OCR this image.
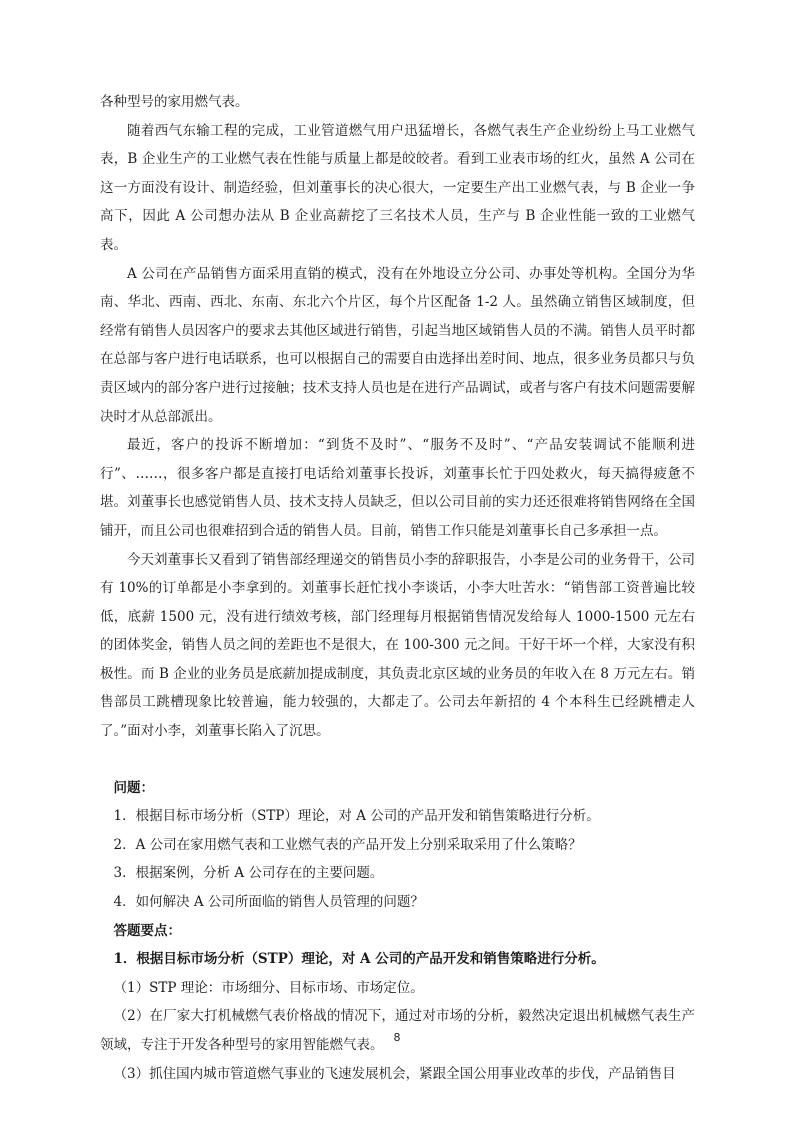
各种型号的家用燃气表。

随着西气东输工程的完成，工业管道燃气用户迅猛增长，各燃气表生产企业纷纷上马工业燃气表，B 企业生产的工业燃气表在性能与质量上都是皎皎者。看到工业表市场的红火，虽然 A 公司在这一方面没有设计、制造经验，但刘董事长的决心很大，一定要生产出工业燃气表，与 B 企业一争高下，因此 A 公司想办法从 B 企业高薪挖了三名技术人员，生产与 B 企业性能一致的工业燃气表。

A 公司在产品销售方面采用直销的模式，没有在外地设立分公司、办事处等机构。全国分为华南、华北、西南、西北、东南、东北六个片区，每个片区配备 1-2 人。虽然确立销售区域制度，但经常有销售人员因客户的要求去其他区域进行销售，引起当地区域销售人员的不满。销售人员平时都在总部与客户进行电话联系，也可以根据自己的需要自由选择出差时间、地点，很多业务员都只与负责区域内的部分客户进行过接触；技术支持人员也是在进行产品调试，或者与客户有技术问题需要解决时才从总部派出。

最近，客户的投诉不断增加：“到货不及时”、“服务不及时”、“产品安装调试不能顺利进行”、……，很多客户都是直接打电话给刘董事长投诉，刘董事长忙于四处救火，每天搞得疲惫不堪。刘董事长也感觉销售人员、技术支持人员缺乏，但以公司目前的实力还还很难将销售网络在全国铺开，而且公司也很难招到合适的销售人员。目前，销售工作只能是刘董事长自己多承担一点。

今天刘董事长又看到了销售部经理递交的销售员小李的辞职报告，小李是公司的业务骨干，公司有 10%的订单都是小李拿到的。刘董事长赶忙找小李谈话，小李大吐苦水：“销售部工资普遍比较低，底薪 1500 元，没有进行绩效考核，部门经理每月根据销售情况发给每人 1000-1500 元左右的团体奖金，销售人员之间的差距也不是很大，在 100-300 元之间。干好干坏一个样，大家没有积极性。而 B 企业的业务员是底薪加提成制度，其负责北京区域的业务员的年收入在 8 万元左右。销售部员工跳槽现象比较普遍，能力较强的，大都走了。公司去年新招的 4 个本科生已经跳槽走人了。”面对小李，刘董事长陷入了沉思。

问题：

1．根据目标市场分析（STP）理论，对 A 公司的产品开发和销售策略进行分析。

2．A 公司在家用燃气表和工业燃气表的产品开发上分别采取采用了什么策略？

3．根据案例，分析 A 公司存在的主要问题。

4．如何解决 A 公司所面临的销售人员管理的问题？

答题要点：

1．根据目标市场分析（STP）理论，对 A 公司的产品开发和销售策略进行分析。

（1）STP 理论：市场细分、目标市场、市场定位。

（2）在厂家大打机械燃气表价格战的情况下，通过对市场的分析，毅然决定退出机械燃气表生产领域，专注于开发各种型号的家用智能燃气表。

（3）抓住国内城市管道燃气事业的飞速发展机会，紧跟全国公用事业改革的步伐，产品销售目

8
